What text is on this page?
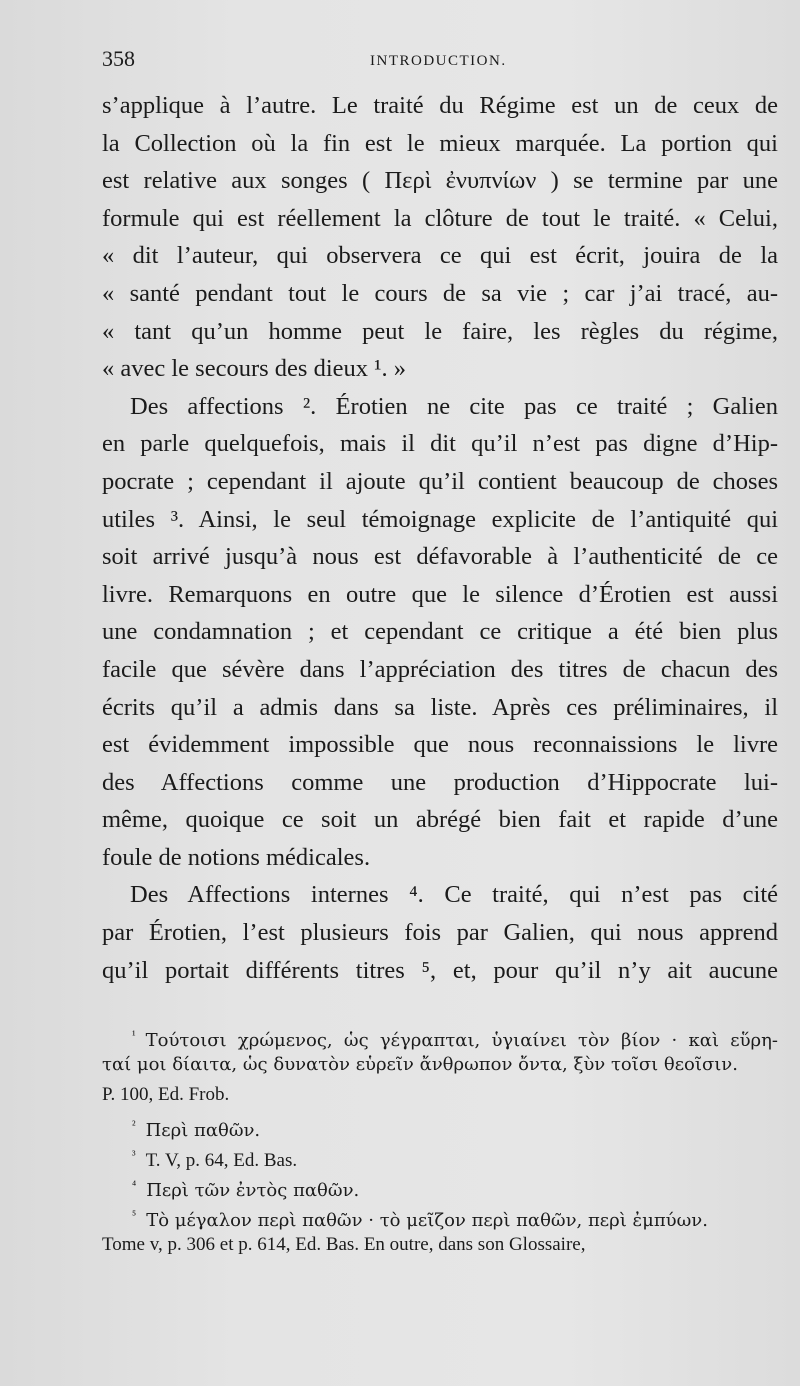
358	INTRODUCTION.
s’applique à l’autre. Le traité du Régime est un de ceux de
la Collection où la fin est le mieux marquée. La portion qui
est relative aux songes ( Περὶ ἐνυπνίων ) se termine par une
formule qui est réellement la clôture de tout le traité. « Celui,
« dit l’auteur, qui observera ce qui est écrit, jouira de la
« santé pendant tout le cours de sa vie ; car j’ai tracé, au-
« tant qu’un homme peut le faire, les règles du régime,
« avec le secours des dieux ¹. »
Des affections ². Érotien ne cite pas ce traité ; Galien
en parle quelquefois, mais il dit qu’il n’est pas digne d’Hip-
pocrate ; cependant il ajoute qu’il contient beaucoup de choses
utiles ³. Ainsi, le seul témoignage explicite de l’antiquité qui
soit arrivé jusqu’à nous est défavorable à l’authenticité de ce
livre. Remarquons en outre que le silence d’Érotien est aussi
une condamnation ; et cependant ce critique a été bien plus
facile que sévère dans l’appréciation des titres de chacun des
écrits qu’il a admis dans sa liste. Après ces préliminaires, il
est évidemment impossible que nous reconnaissions le livre
des Affections comme une production d’Hippocrate lui-
même, quoique ce soit un abrégé bien fait et rapide d’une
foule de notions médicales.
Des Affections internes ⁴. Ce traité, qui n’est pas cité
par Érotien, l’est plusieurs fois par Galien, qui nous apprend
qu’il portait différents titres ⁵, et, pour qu’il n’y ait aucune
$^{^1}$ Τούτοισι χρώμενος, ὡς γέγραπται, ὑγιαίνει τὸν βίον · καὶ εὕρη-
ταί μοι δίαιτα, ὡς δυνατὸν εὑρεῖν ἄνθρωπον ὄντα, ξὺν τοῖσι θεοῖσιν.
P. 100, Ed. Frob.
$^{^2}$ Περὶ παθῶν.
$^{^3}$ T. V, p. 64, Ed. Bas.
$^{^4}$ Περὶ τῶν ἐντὸς παθῶν.
$^{^5}$ Τὸ μέγαλον περὶ παθῶν · τὸ μεῖζον περὶ παθῶν, περὶ ἐμπύων.
Tome v, p. 306 et p. 614, Ed. Bas. En outre, dans son Glossaire,
